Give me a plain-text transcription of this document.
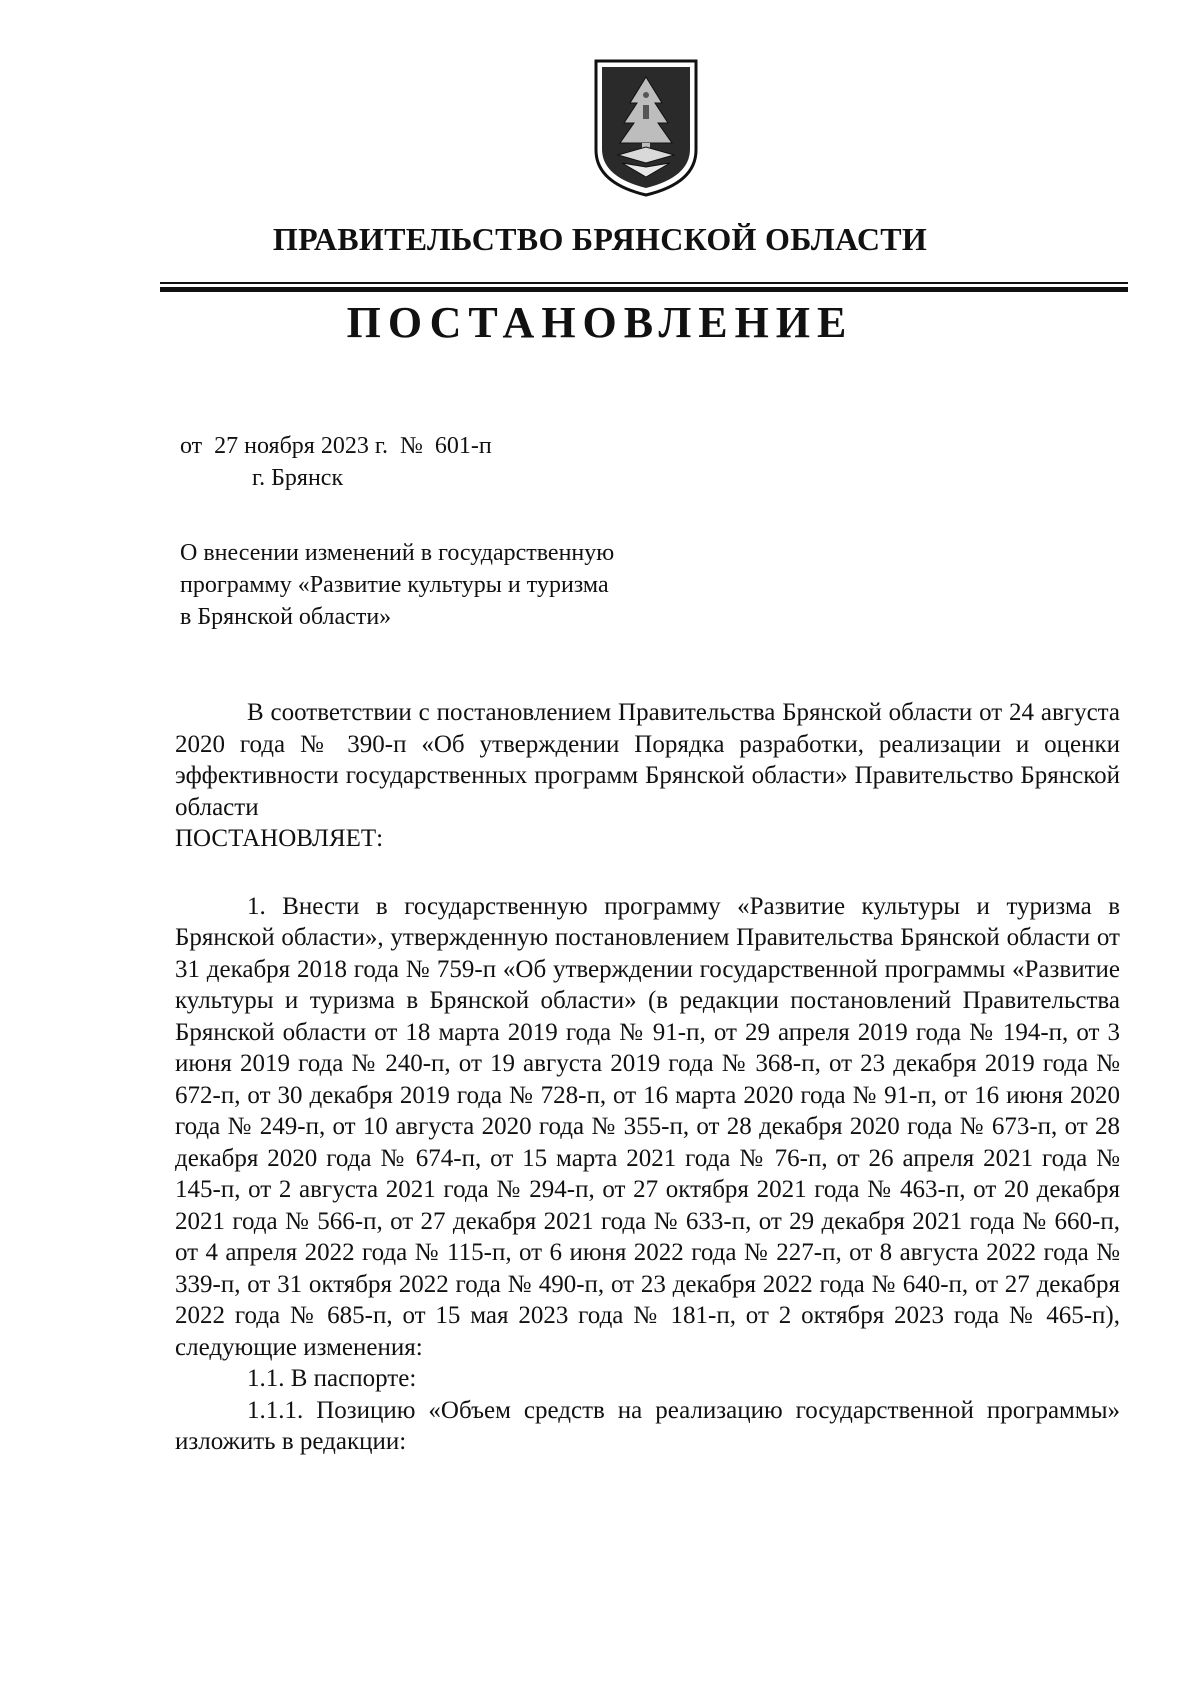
ПРАВИТЕЛЬСТВО БРЯНСКОЙ ОБЛАСТИ
ПОСТАНОВЛЕНИЕ
от  27 ноября 2023 г.  №  601-п
г. Брянск
О внесении изменений в государственную
программу «Развитие культуры и туризма
в Брянской области»

В соответствии с постановлением Правительства Брянской области от 24 августа 2020 года № 390-п «Об утверждении Порядка разработки, реализации и оценки эффективности государственных программ Брянской области» Правительство Брянской области

ПОСТАНОВЛЯЕТ:

1. Внести в государственную программу «Развитие культуры и туризма в Брянской области», утвержденную постановлением Правительства Брянской области от 31 декабря 2018 года № 759-п «Об утверждении государственной программы «Развитие культуры и туризма в Брянской области» (в редакции постановлений Правительства Брянской области от 18 марта 2019 года № 91-п, от 29 апреля 2019 года № 194-п, от 3 июня 2019 года № 240-п, от 19 августа 2019 года № 368-п, от 23 декабря 2019 года № 672-п, от 30 декабря 2019 года № 728-п, от 16 марта 2020 года № 91-п, от 16 июня 2020 года № 249-п, от 10 августа 2020 года № 355-п, от 28 декабря 2020 года № 673-п, от 28 декабря 2020 года № 674-п, от 15 марта 2021 года № 76-п, от 26 апреля 2021 года № 145-п, от 2 августа 2021 года № 294-п, от 27 октября 2021 года № 463-п, от 20 декабря 2021 года № 566-п, от 27 декабря 2021 года № 633-п, от 29 декабря 2021 года № 660-п, от 4 апреля 2022 года № 115-п, от 6 июня 2022 года № 227-п, от 8 августа 2022 года № 339-п, от 31 октября 2022 года № 490-п, от 23 декабря 2022 года № 640-п, от 27 декабря 2022 года № 685-п, от 15 мая 2023 года № 181-п, от 2 октября 2023 года № 465-п), следующие изменения:

1.1. В паспорте:

1.1.1. Позицию «Объем средств на реализацию государственной программы» изложить в редакции:
